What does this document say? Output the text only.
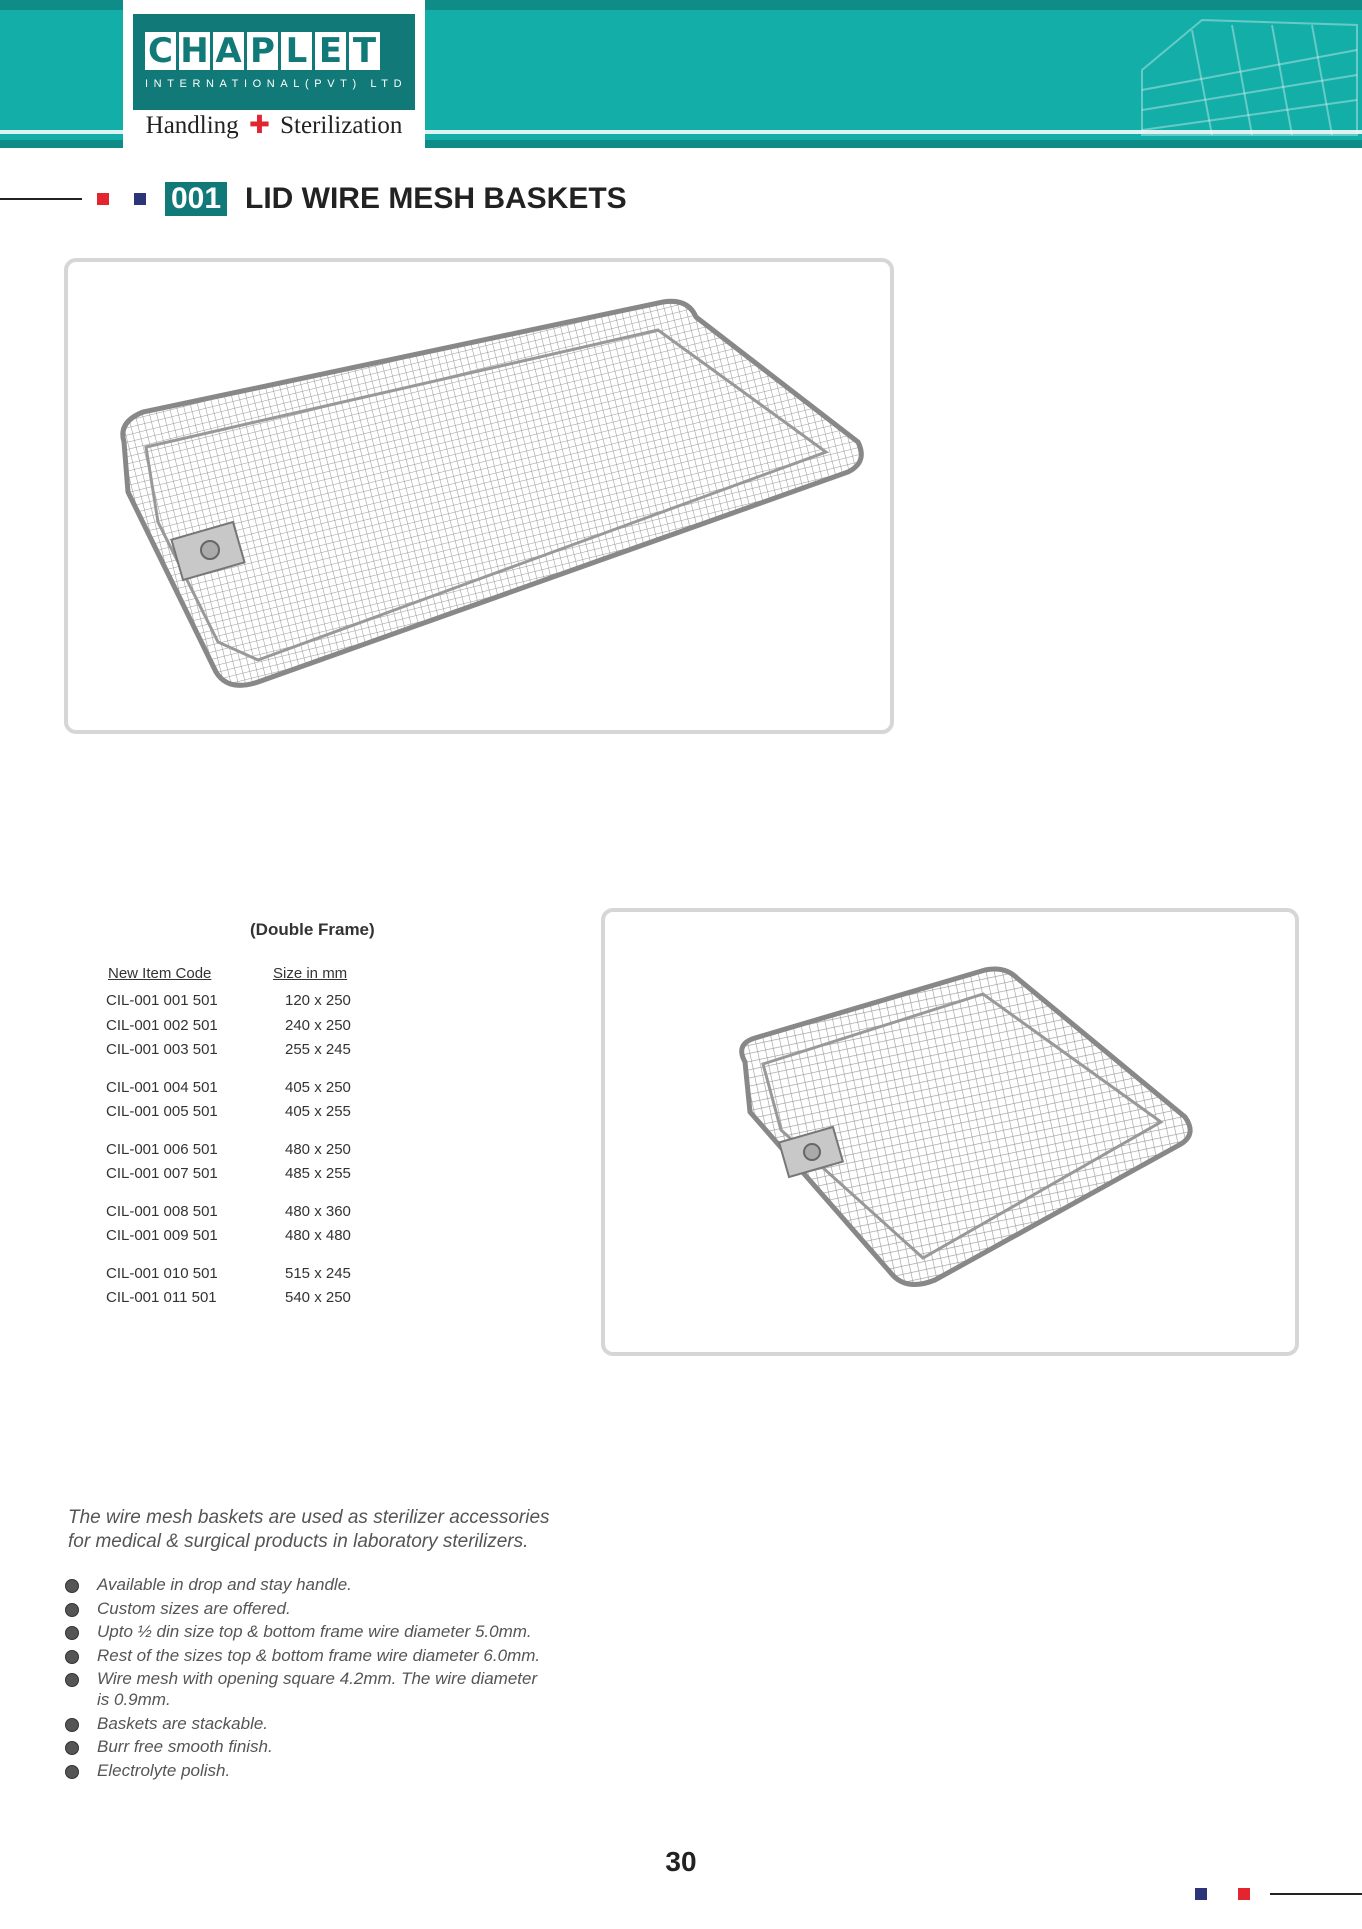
C H A P L E T
INTERNATIONAL(PVT) LTD
Handling ✚ Sterilization
001 LID WIRE MESH BASKETS
(Double Frame)
New Item Code	Size in mm
CIL-001 001 501	120 x 250
CIL-001 002 501	240 x 250
CIL-001 003 501	255 x 245
CIL-001 004 501	405 x 250
CIL-001 005 501	405 x 255
CIL-001 006 501	480 x 250
CIL-001 007 501	485 x 255
CIL-001 008 501	480 x 360
CIL-001 009 501	480 x 480
CIL-001 010 501	515 x 245
CIL-001 011 501	540 x 250
The wire mesh baskets are used as sterilizer accessories
for medical & surgical products in laboratory sterilizers.
Available in drop and stay handle.
Custom sizes are offered.
Upto ½ din size top & bottom frame wire diameter 5.0mm.
Rest of the sizes top & bottom frame wire diameter 6.0mm.
Wire mesh with opening square 4.2mm. The wire diameter
is 0.9mm.
Baskets are stackable.
Burr free smooth finish.
Electrolyte polish.
30
